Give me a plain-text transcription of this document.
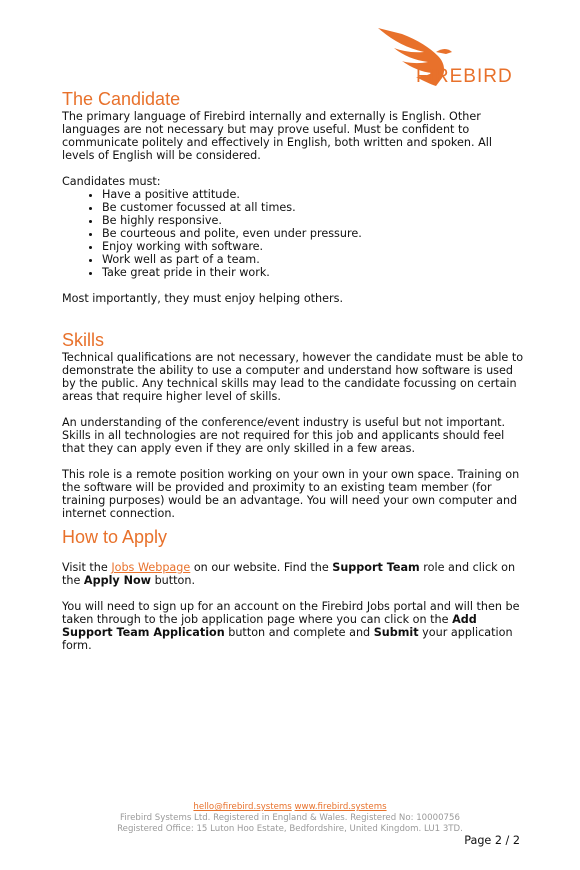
FIREBIRD
The Candidate

The primary language of Firebird internally and externally is English. Other languages are not necessary but may prove useful. Must be confident to communicate politely and effectively in English, both written and spoken. All levels of English will be considered.

Candidates must:

• Have a positive attitude.
• Be customer focussed at all times.
• Be highly responsive.
• Be courteous and polite, even under pressure.
• Enjoy working with software.
• Work well as part of a team.
• Take great pride in their work.

Most importantly, they must enjoy helping others.

Skills

Technical qualifications are not necessary, however the candidate must be able to demonstrate the ability to use a computer and understand how software is used by the public. Any technical skills may lead to the candidate focussing on certain areas that require higher level of skills.

An understanding of the conference/event industry is useful but not important. Skills in all technologies are not required for this job and applicants should feel that they can apply even if they are only skilled in a few areas.

This role is a remote position working on your own in your own space. Training on the software will be provided and proximity to an existing team member (for training purposes) would be an advantage. You will need your own computer and internet connection.

How to Apply

Visit the Jobs Webpage on our website. Find the Support Team role and click on the Apply Now button.

You will need to sign up for an account on the Firebird Jobs portal and will then be taken through to the job application page where you can click on the Add Support Team Application button and complete and Submit your application form.

hello@firebird.systems www.firebird.systems
Firebird Systems Ltd. Registered in England & Wales. Registered No: 10000756
Registered Office: 15 Luton Hoo Estate, Bedfordshire, United Kingdom. LU1 3TD.
Page 2 / 2
